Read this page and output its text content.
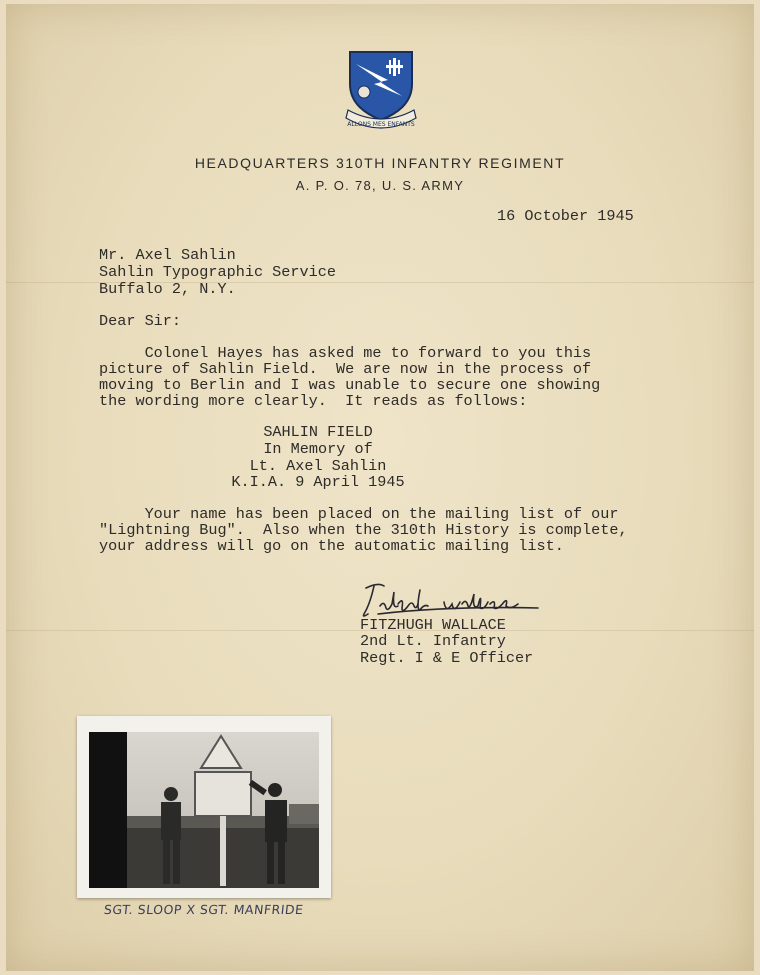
ALLONS MES ENFANTS
HEADQUARTERS 310TH INFANTRY REGIMENT
A. P. O. 78, U. S. ARMY
16 October 1945
Mr. Axel Sahlin
Sahlin Typographic Service
Buffalo 2, N.Y.
Dear Sir:
Colonel Hayes has asked me to forward to you this
picture of Sahlin Field.  We are now in the process of
moving to Berlin and I was unable to secure one showing
the wording more clearly.  It reads as follows:
SAHLIN FIELD
In Memory of
Lt. Axel Sahlin
K.I.A. 9 April 1945
Your name has been placed on the mailing list of our
"Lightning Bug".  Also when the 310th History is complete,
your address will go on the automatic mailing list.
FITZHUGH WALLACE
2nd Lt. Infantry
Regt. I & E Officer
SGT. SLOOP X SGT. MANFRIDE
